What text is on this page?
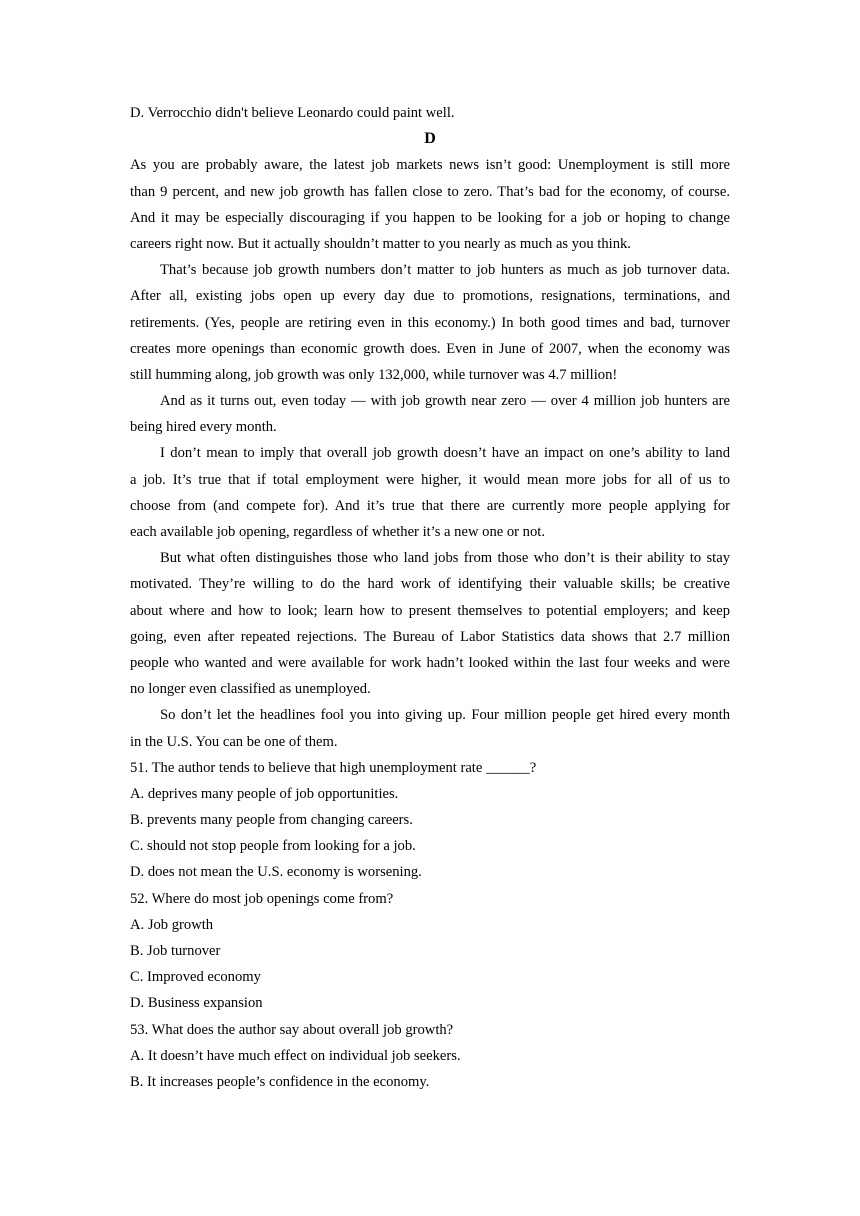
D. Verrocchio didn't believe Leonardo could paint well.
D
As you are probably aware, the latest job markets news isn’t good: Unemployment is still more
than 9 percent, and new job growth has fallen close to zero. That’s bad for the economy, of course.
And it may be especially discouraging if you happen to be looking for a job or hoping to change
careers right now. But it actually shouldn’t matter to you nearly as much as you think.
That’s because job growth numbers don’t matter to job hunters as much as job turnover data.
After all, existing jobs open up every day due to promotions, resignations, terminations, and
retirements. (Yes, people are retiring even in this economy.) In both good times and bad, turnover
creates more openings than economic growth does. Even in June of 2007, when the economy was
still humming along, job growth was only 132,000, while turnover was 4.7 million!
And as it turns out, even today — with job growth near zero — over 4 million job hunters are
being hired every month.
I don’t mean to imply that overall job growth doesn’t have an impact on one’s ability to land
a job. It’s true that if total employment were higher, it would mean more jobs for all of us to
choose from (and compete for). And it’s true that there are currently more people applying for
each available job opening, regardless of whether it’s a new one or not.
But what often distinguishes those who land jobs from those who don’t is their ability to stay
motivated. They’re willing to do the hard work of identifying their valuable skills; be creative
about where and how to look; learn how to present themselves to potential employers; and keep
going, even after repeated rejections. The Bureau of Labor Statistics data shows that 2.7 million
people who wanted and were available for work hadn’t looked within the last four weeks and were
no longer even classified as unemployed.
So don’t let the headlines fool you into giving up. Four million people get hired every month
in the U.S. You can be one of them.
51. The author tends to believe that high unemployment rate ______?
A. deprives many people of job opportunities.
B. prevents many people from changing careers.
C. should not stop people from looking for a job.
D. does not mean the U.S. economy is worsening.
52. Where do most job openings come from?
A. Job growth
B. Job turnover
C. Improved economy
D. Business expansion
53. What does the author say about overall job growth?
A. It doesn’t have much effect on individual job seekers.
B. It increases people’s confidence in the economy.
